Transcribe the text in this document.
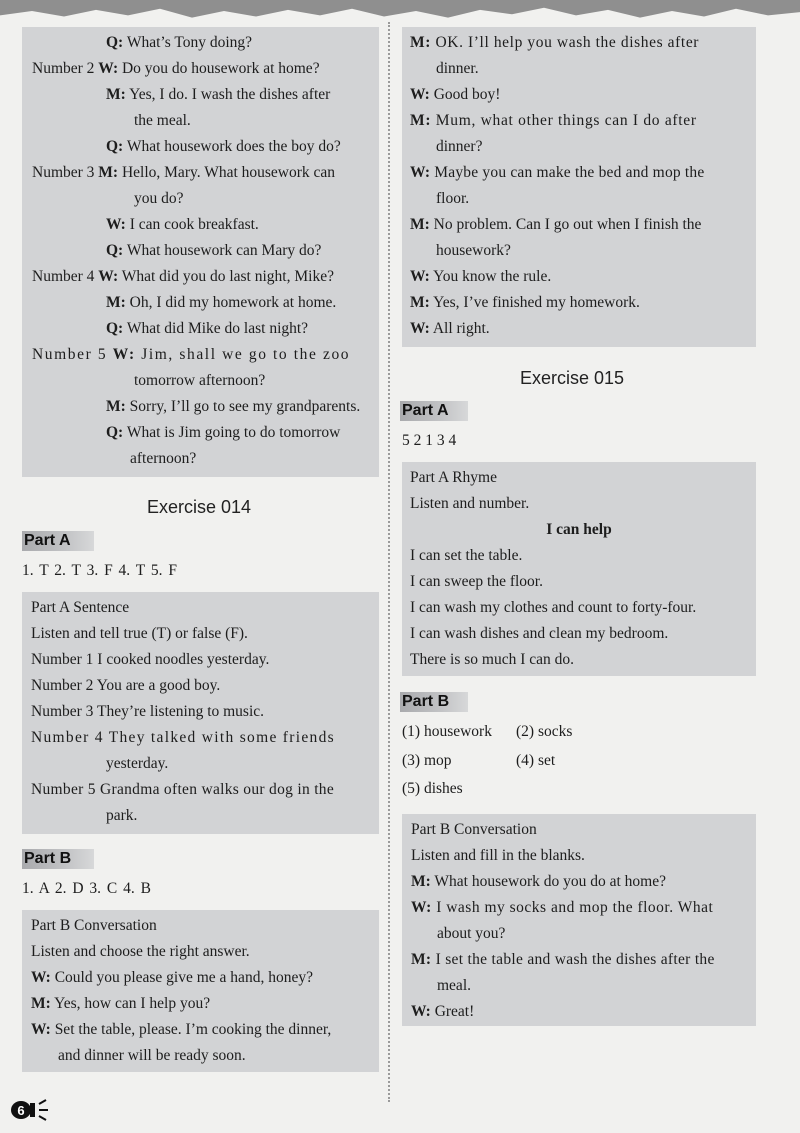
Q: What’s Tony doing?
Number 2 W: Do you do housework at home?
M: Yes, I do. I wash the dishes after
the meal.
Q: What housework does the boy do?
Number 3 M: Hello, Mary. What housework can
you do?
W: I can cook breakfast.
Q: What housework can Mary do?
Number 4 W: What did you do last night, Mike?
M: Oh, I did my homework at home.
Q: What did Mike do last night?
Number 5 W: Jim, shall we go to the zoo
tomorrow afternoon?
M: Sorry, I’ll go to see my grandparents.
Q: What is Jim going to do tomorrow
afternoon?
Exercise 014
Part A
1. T 2. T 3. F 4. T 5. F
Part A Sentence
Listen and tell true (T) or false (F).
Number 1 I cooked noodles yesterday.
Number 2 You are a good boy.
Number 3 They’re listening to music.
Number 4 They talked with some friends
yesterday.
Number 5 Grandma often walks our dog in the
park.
Part B
1. A 2. D 3. C 4. B
Part B Conversation
Listen and choose the right answer.
W: Could you please give me a hand, honey?
M: Yes, how can I help you?
W: Set the table, please. I’m cooking the dinner,
and dinner will be ready soon.
M: OK. I’ll help you wash the dishes after
dinner.
W: Good boy!
M: Mum, what other things can I do after
dinner?
W: Maybe you can make the bed and mop the
floor.
M: No problem. Can I go out when I finish the
housework?
W: You know the rule.
M: Yes, I’ve finished my homework.
W: All right.
Exercise 015
Part A
5 2 1 3 4
Part A Rhyme
Listen and number.
I can help
I can set the table.
I can sweep the floor.
I can wash my clothes and count to forty-four.
I can wash dishes and clean my bedroom.
There is so much I can do.
Part B
(1) housework (2) socks
(3) mop	(4) set
(5) dishes
Part B Conversation
Listen and fill in the blanks.
M: What housework do you do at home?
W: I wash my socks and mop the floor. What
about you?
M: I set the table and wash the dishes after the
meal.
W: Great!
6
